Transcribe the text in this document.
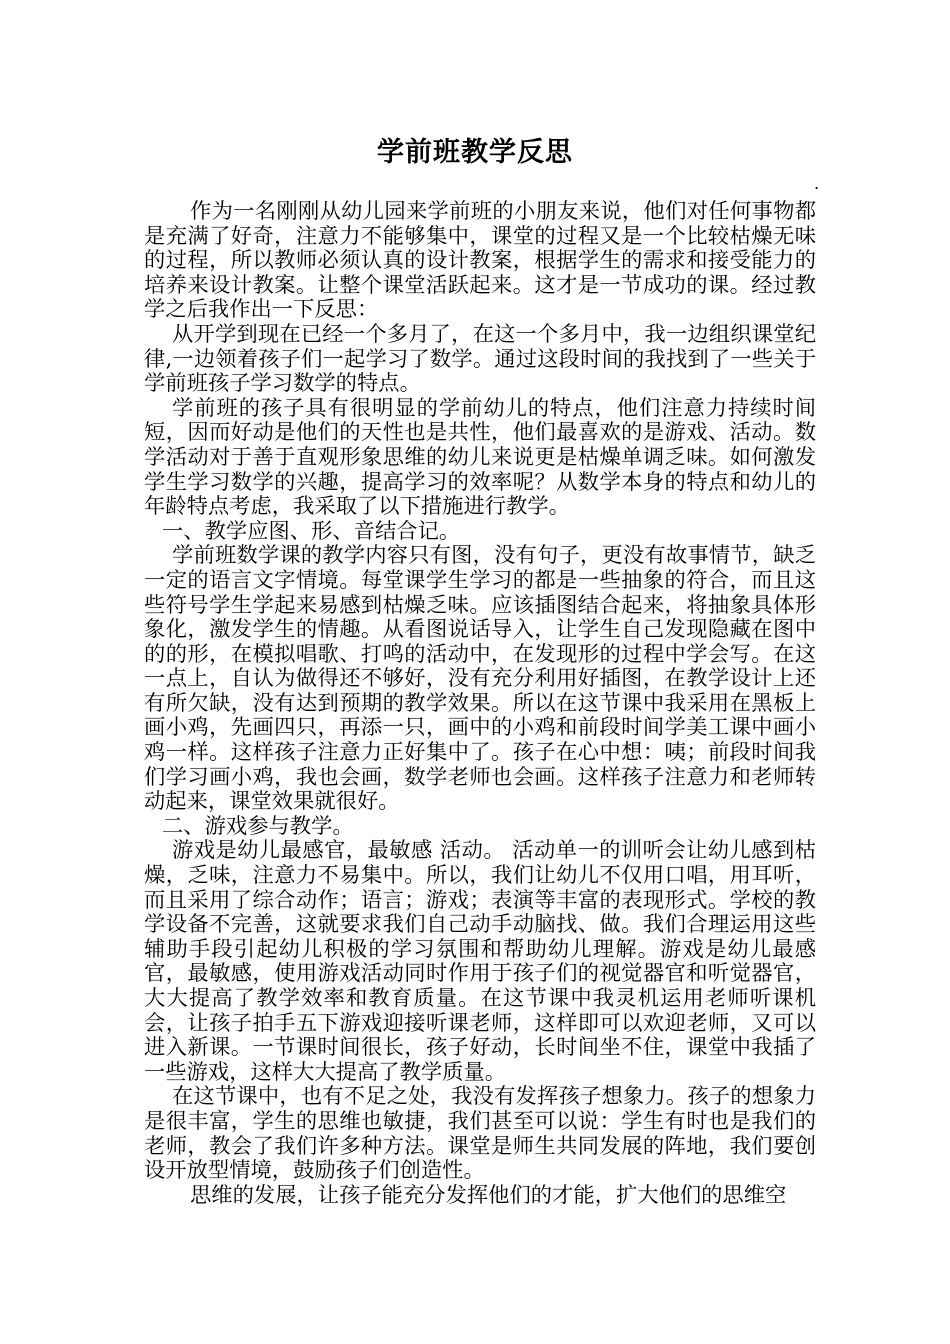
学前班教学反思
.

作为一名刚刚从幼儿园来学前班的小朋友来说，他们对任何事物都是充满了好奇，注意力不能够集中，课堂的过程又是一个比较枯燥无味的过程，所以教师必须认真的设计教案，根据学生的需求和接受能力的培养来设计教案。让整个课堂活跃起来。这才是一节成功的课。经过教学之后我作出一下反思：

从开学到现在已经一个多月了，在这一个多月中，我一边组织课堂纪律,一边领着孩子们一起学习了数学。通过这段时间的我找到了一些关于学前班孩子学习数学的特点。

学前班的孩子具有很明显的学前幼儿的特点，他们注意力持续时间短，因而好动是他们的天性也是共性，他们最喜欢的是游戏、活动。数学活动对于善于直观形象思维的幼儿来说更是枯燥单调乏味。如何激发学生学习数学的兴趣，提高学习的效率呢？从数学本身的特点和幼儿的年龄特点考虑，我采取了以下措施进行教学。

一、教学应图、形、音结合记。

学前班数学课的教学内容只有图，没有句子，更没有故事情节，缺乏一定的语言文字情境。每堂课学生学习的都是一些抽象的符合，而且这些符号学生学起来易感到枯燥乏味。应该插图结合起来，将抽象具体形象化，激发学生的情趣。从看图说话导入，让学生自己发现隐藏在图中的的形，在模拟唱歌、打鸣的活动中，在发现形的过程中学会写。在这一点上，自认为做得还不够好，没有充分利用好插图，在教学设计上还有所欠缺，没有达到预期的教学效果。所以在这节课中我采用在黑板上画小鸡，先画四只，再添一只，画中的小鸡和前段时间学美工课中画小鸡一样。这样孩子注意力正好集中了。孩子在心中想：咦；前段时间我们学习画小鸡，我也会画，数学老师也会画。这样孩子注意力和老师转动起来，课堂效果就很好。

二、游戏参与教学。

游戏是幼儿最感官，最敏感 活动。 活动单一的训听会让幼儿感到枯燥，乏味，注意力不易集中。所以，我们让幼儿不仅用口唱，用耳听，而且采用了综合动作；语言；游戏；表演等丰富的表现形式。学校的教学设备不完善，这就要求我们自己动手动脑找、做。我们合理运用这些辅助手段引起幼儿积极的学习氛围和帮助幼儿理解。游戏是幼儿最感官，最敏感，使用游戏活动同时作用于孩子们的视觉器官和听觉器官，大大提高了教学效率和教育质量。在这节课中我灵机运用老师听课机会，让孩子拍手五下游戏迎接听课老师，这样即可以欢迎老师，又可以进入新课。一节课时间很长，孩子好动，长时间坐不住，课堂中我插了一些游戏，这样大大提高了教学质量。

在这节课中，也有不足之处，我没有发挥孩子想象力。孩子的想象力是很丰富，学生的思维也敏捷，我们甚至可以说：学生有时也是我们的老师，教会了我们许多种方法。课堂是师生共同发展的阵地，我们要创设开放型情境，鼓励孩子们创造性。

思维的发展，让孩子能充分发挥他们的才能，扩大他们的思维空
